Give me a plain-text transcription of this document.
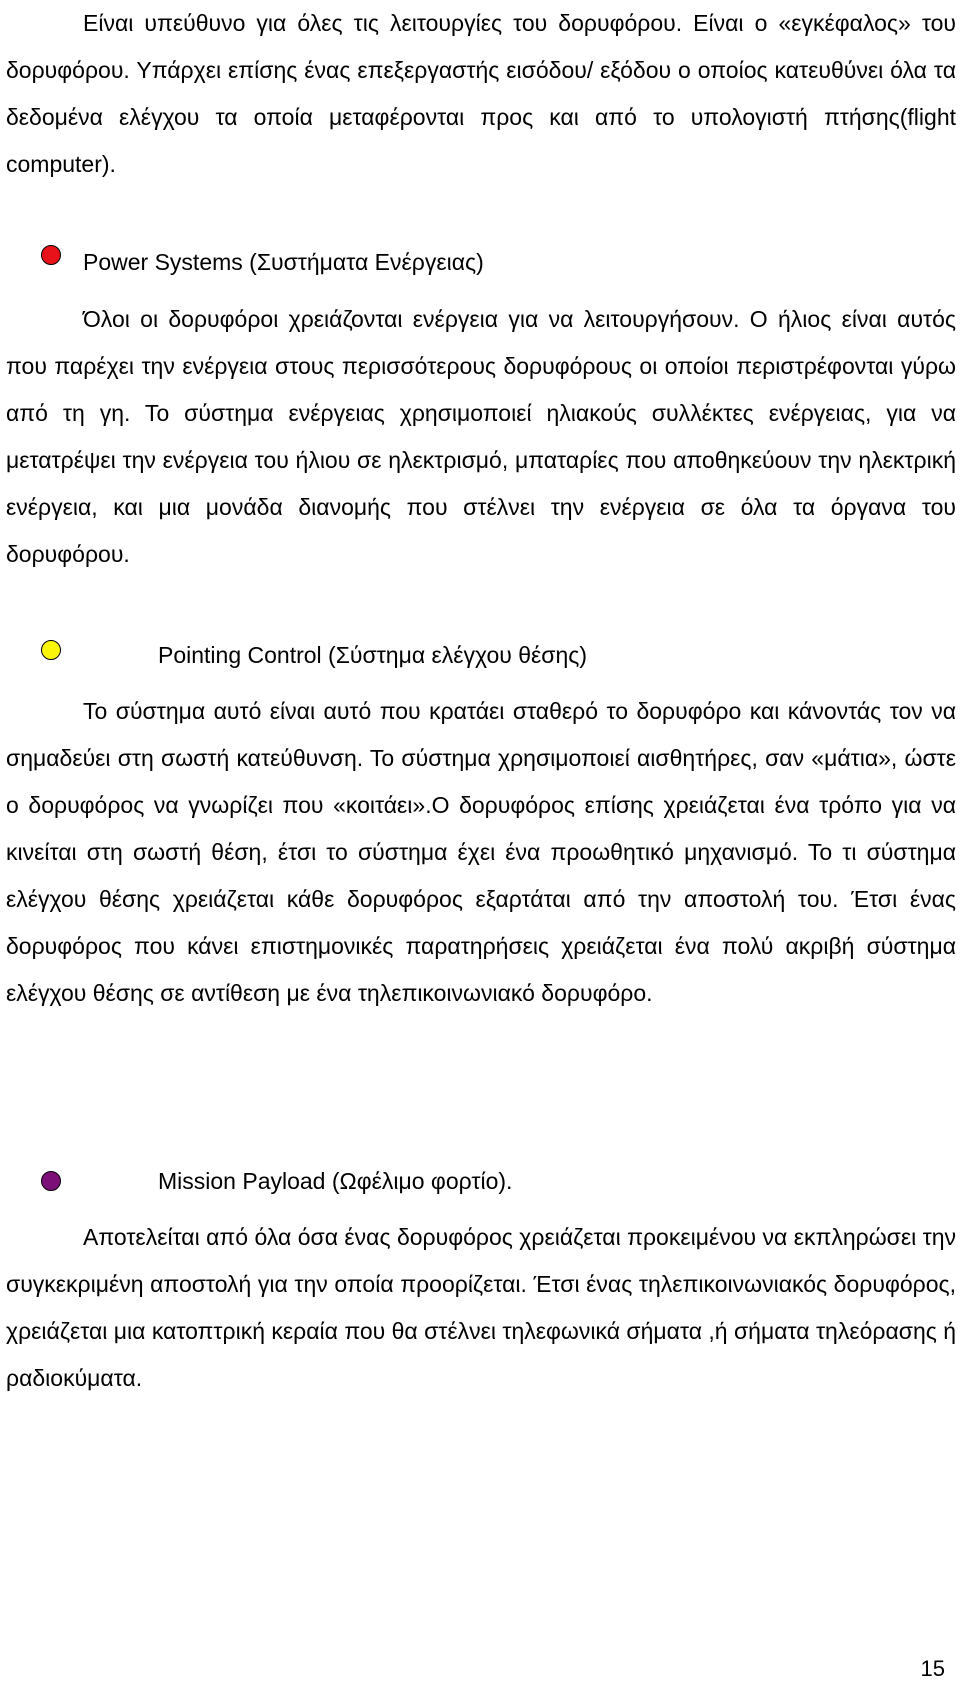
Είναι υπεύθυνο για όλες τις λειτουργίες του δορυφόρου. Είναι ο «εγκέφαλος» του δορυφόρου. Υπάρχει επίσης ένας επεξεργαστής εισόδου/ εξόδου ο οποίος κατευθύνει όλα τα δεδομένα ελέγχου τα οποία μεταφέρονται προς και από το υπολογιστή πτήσης(flight computer).

Power Systems (Συστήματα Ενέργειας)

Όλοι οι δορυφόροι χρειάζονται ενέργεια για να λειτουργήσουν. Ο ήλιος είναι αυτός που παρέχει την ενέργεια στους περισσότερους δορυφόρους οι οποίοι περιστρέφονται γύρω από τη γη. Το σύστημα ενέργειας χρησιμοποιεί ηλιακούς συλλέκτες ενέργειας, για να μετατρέψει την ενέργεια του ήλιου σε ηλεκτρισμό, μπαταρίες που αποθηκεύουν την ηλεκτρική ενέργεια, και μια μονάδα διανομής που στέλνει την ενέργεια σε όλα τα όργανα του δορυφόρου.

Pointing Control (Σύστημα ελέγχου θέσης)

Το σύστημα αυτό είναι αυτό που κρατάει σταθερό το δορυφόρο και κάνοντάς τον να σημαδεύει στη σωστή κατεύθυνση. Το σύστημα χρησιμοποιεί αισθητήρες, σαν «μάτια», ώστε ο δορυφόρος να γνωρίζει που «κοιτάει».Ο δορυφόρος επίσης χρειάζεται ένα τρόπο για να κινείται στη σωστή θέση, έτσι το σύστημα έχει ένα προωθητικό μηχανισμό. Το τι σύστημα ελέγχου θέσης χρειάζεται κάθε δορυφόρος εξαρτάται από την αποστολή του. Έτσι ένας δορυφόρος που κάνει επιστημονικές παρατηρήσεις χρειάζεται ένα πολύ ακριβή σύστημα ελέγχου θέσης σε αντίθεση με ένα τηλεπικοινωνιακό δορυφόρο.

Mission Payload (Ωφέλιμο φορτίο).

Αποτελείται από όλα όσα ένας δορυφόρος χρειάζεται προκειμένου να εκπληρώσει την συγκεκριμένη αποστολή για την οποία προορίζεται. Έτσι ένας τηλεπικοινωνιακός δορυφόρος, χρειάζεται μια κατοπτρική κεραία που θα στέλνει τηλεφωνικά σήματα ,ή σήματα τηλεόρασης ή ραδιοκύματα.

15
